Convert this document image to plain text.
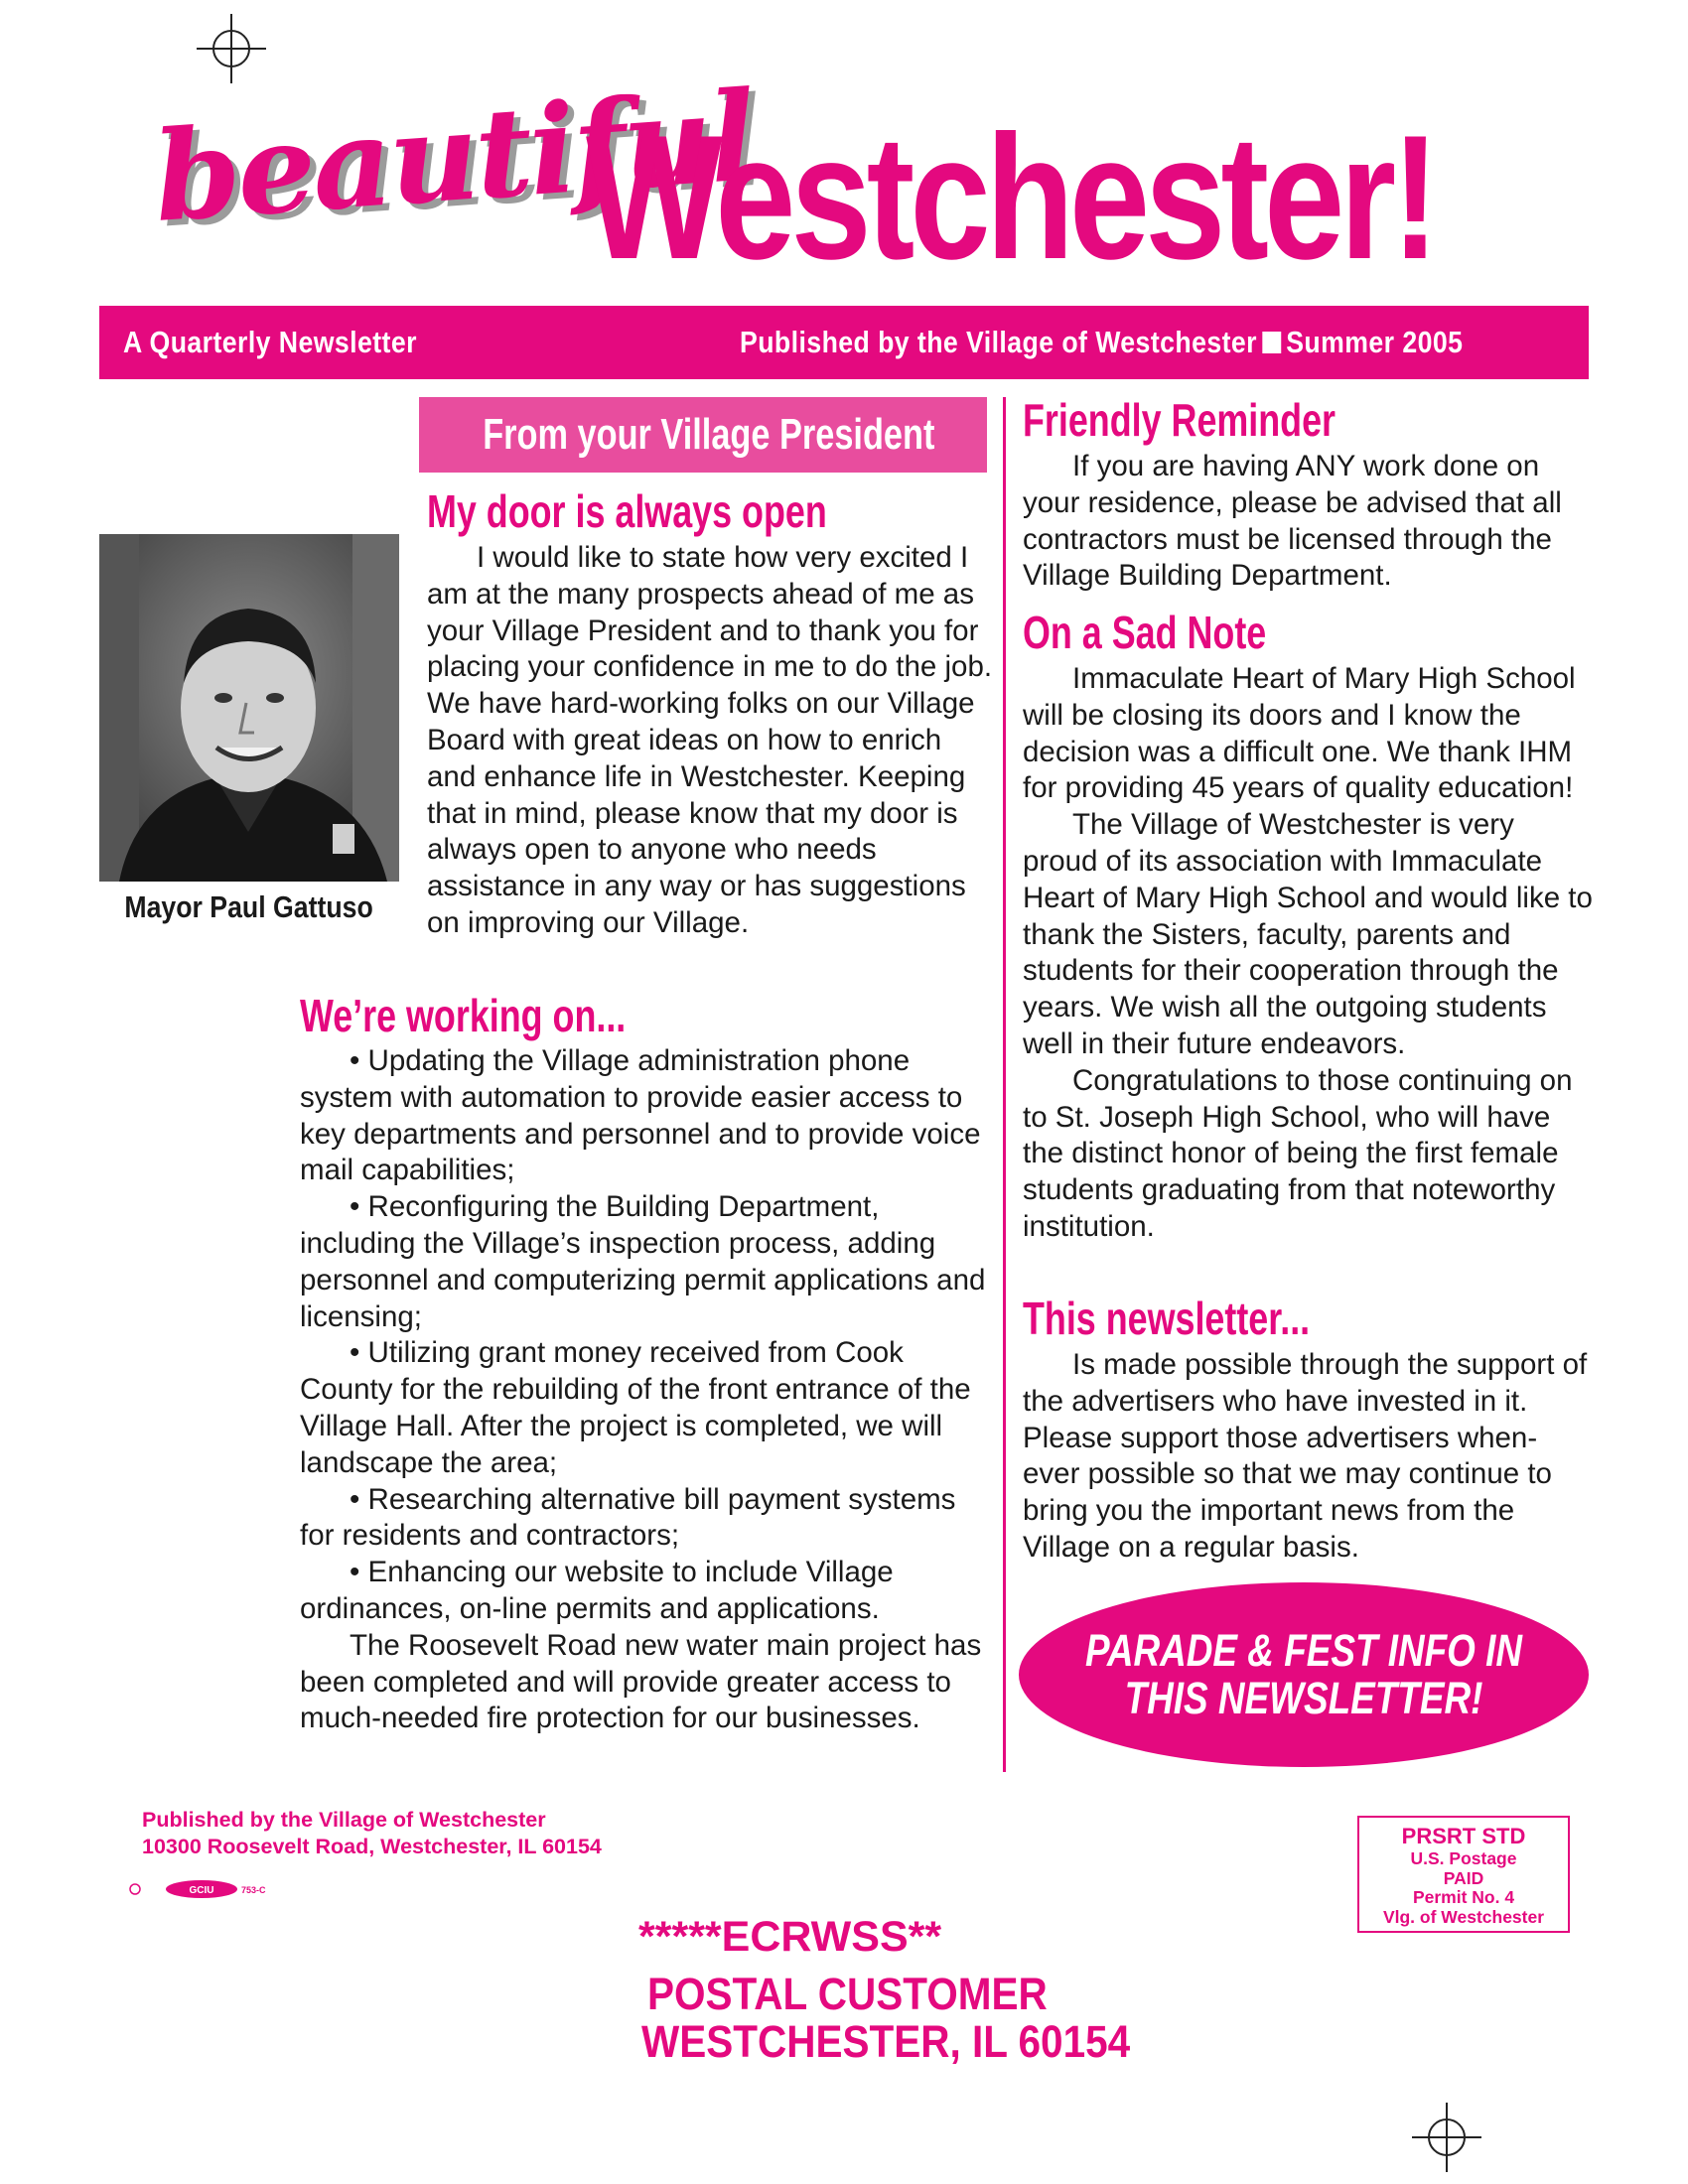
beautiful
Westchester!
A Quarterly Newsletter	Published by the Village of Westchester Summer 2005
From your Village President
My door is always open
Mayor Paul Gattuso

I would like to state how very excited I am at the many prospects ahead of me as your Village President and to thank you for placing your confidence in me to do the job. We have hard-working folks on our Village Board with great ideas on how to enrich and enhance life in Westchester. Keeping that in mind, please know that my door is always open to anyone who needs assistance in any way or has suggestions on improving our Village.

We’re working on...

• Updating the Village administration phone system with automation to provide easier access to key departments and personnel and to provide voice mail capabilities;

• Reconfiguring the Building Department, including the Village’s inspection process, adding personnel and computerizing permit applications and licensing;

• Utilizing grant money received from Cook County for the rebuilding of the front entrance of the Village Hall. After the project is completed, we will landscape the area;

• Researching alternative bill payment systems for residents and contractors;

• Enhancing our website to include Village ordinances, on-line permits and applications.

The Roosevelt Road new water main project has been completed and will provide greater access to much-needed fire protection for our businesses.

Friendly Reminder

If you are having ANY work done on your residence, please be advised that all contractors must be licensed through the Village Building Department.

On a Sad Note

Immaculate Heart of Mary High School will be closing its doors and I know the decision was a difficult one. We thank IHM for providing 45 years of quality education!

The Village of Westchester is very proud of its association with Immaculate Heart of Mary High School and would like to thank the Sisters, faculty, parents and students for their cooperation through the years. We wish all the outgoing students well in their future endeavors.

Congratulations to those continuing on to St. Joseph High School, who will have the distinct honor of being the first female students graduating from that noteworthy institution.

This newsletter...

Is made possible through the support of the advertisers who have invested in it. Please support those advertisers when-ever possible so that we may continue to bring you the important news from the Village on a regular basis.

PARADE & FEST INFO IN
THIS NEWSLETTER!
Published by the Village of Westchester
10300 Roosevelt Road, Westchester, IL 60154
GCIU	753-C
PRSRT STD
U.S. Postage
PAID
Permit No. 4
Vlg. of Westchester
*****ECRWSS**
POSTAL CUSTOMER
WESTCHESTER, IL 60154
